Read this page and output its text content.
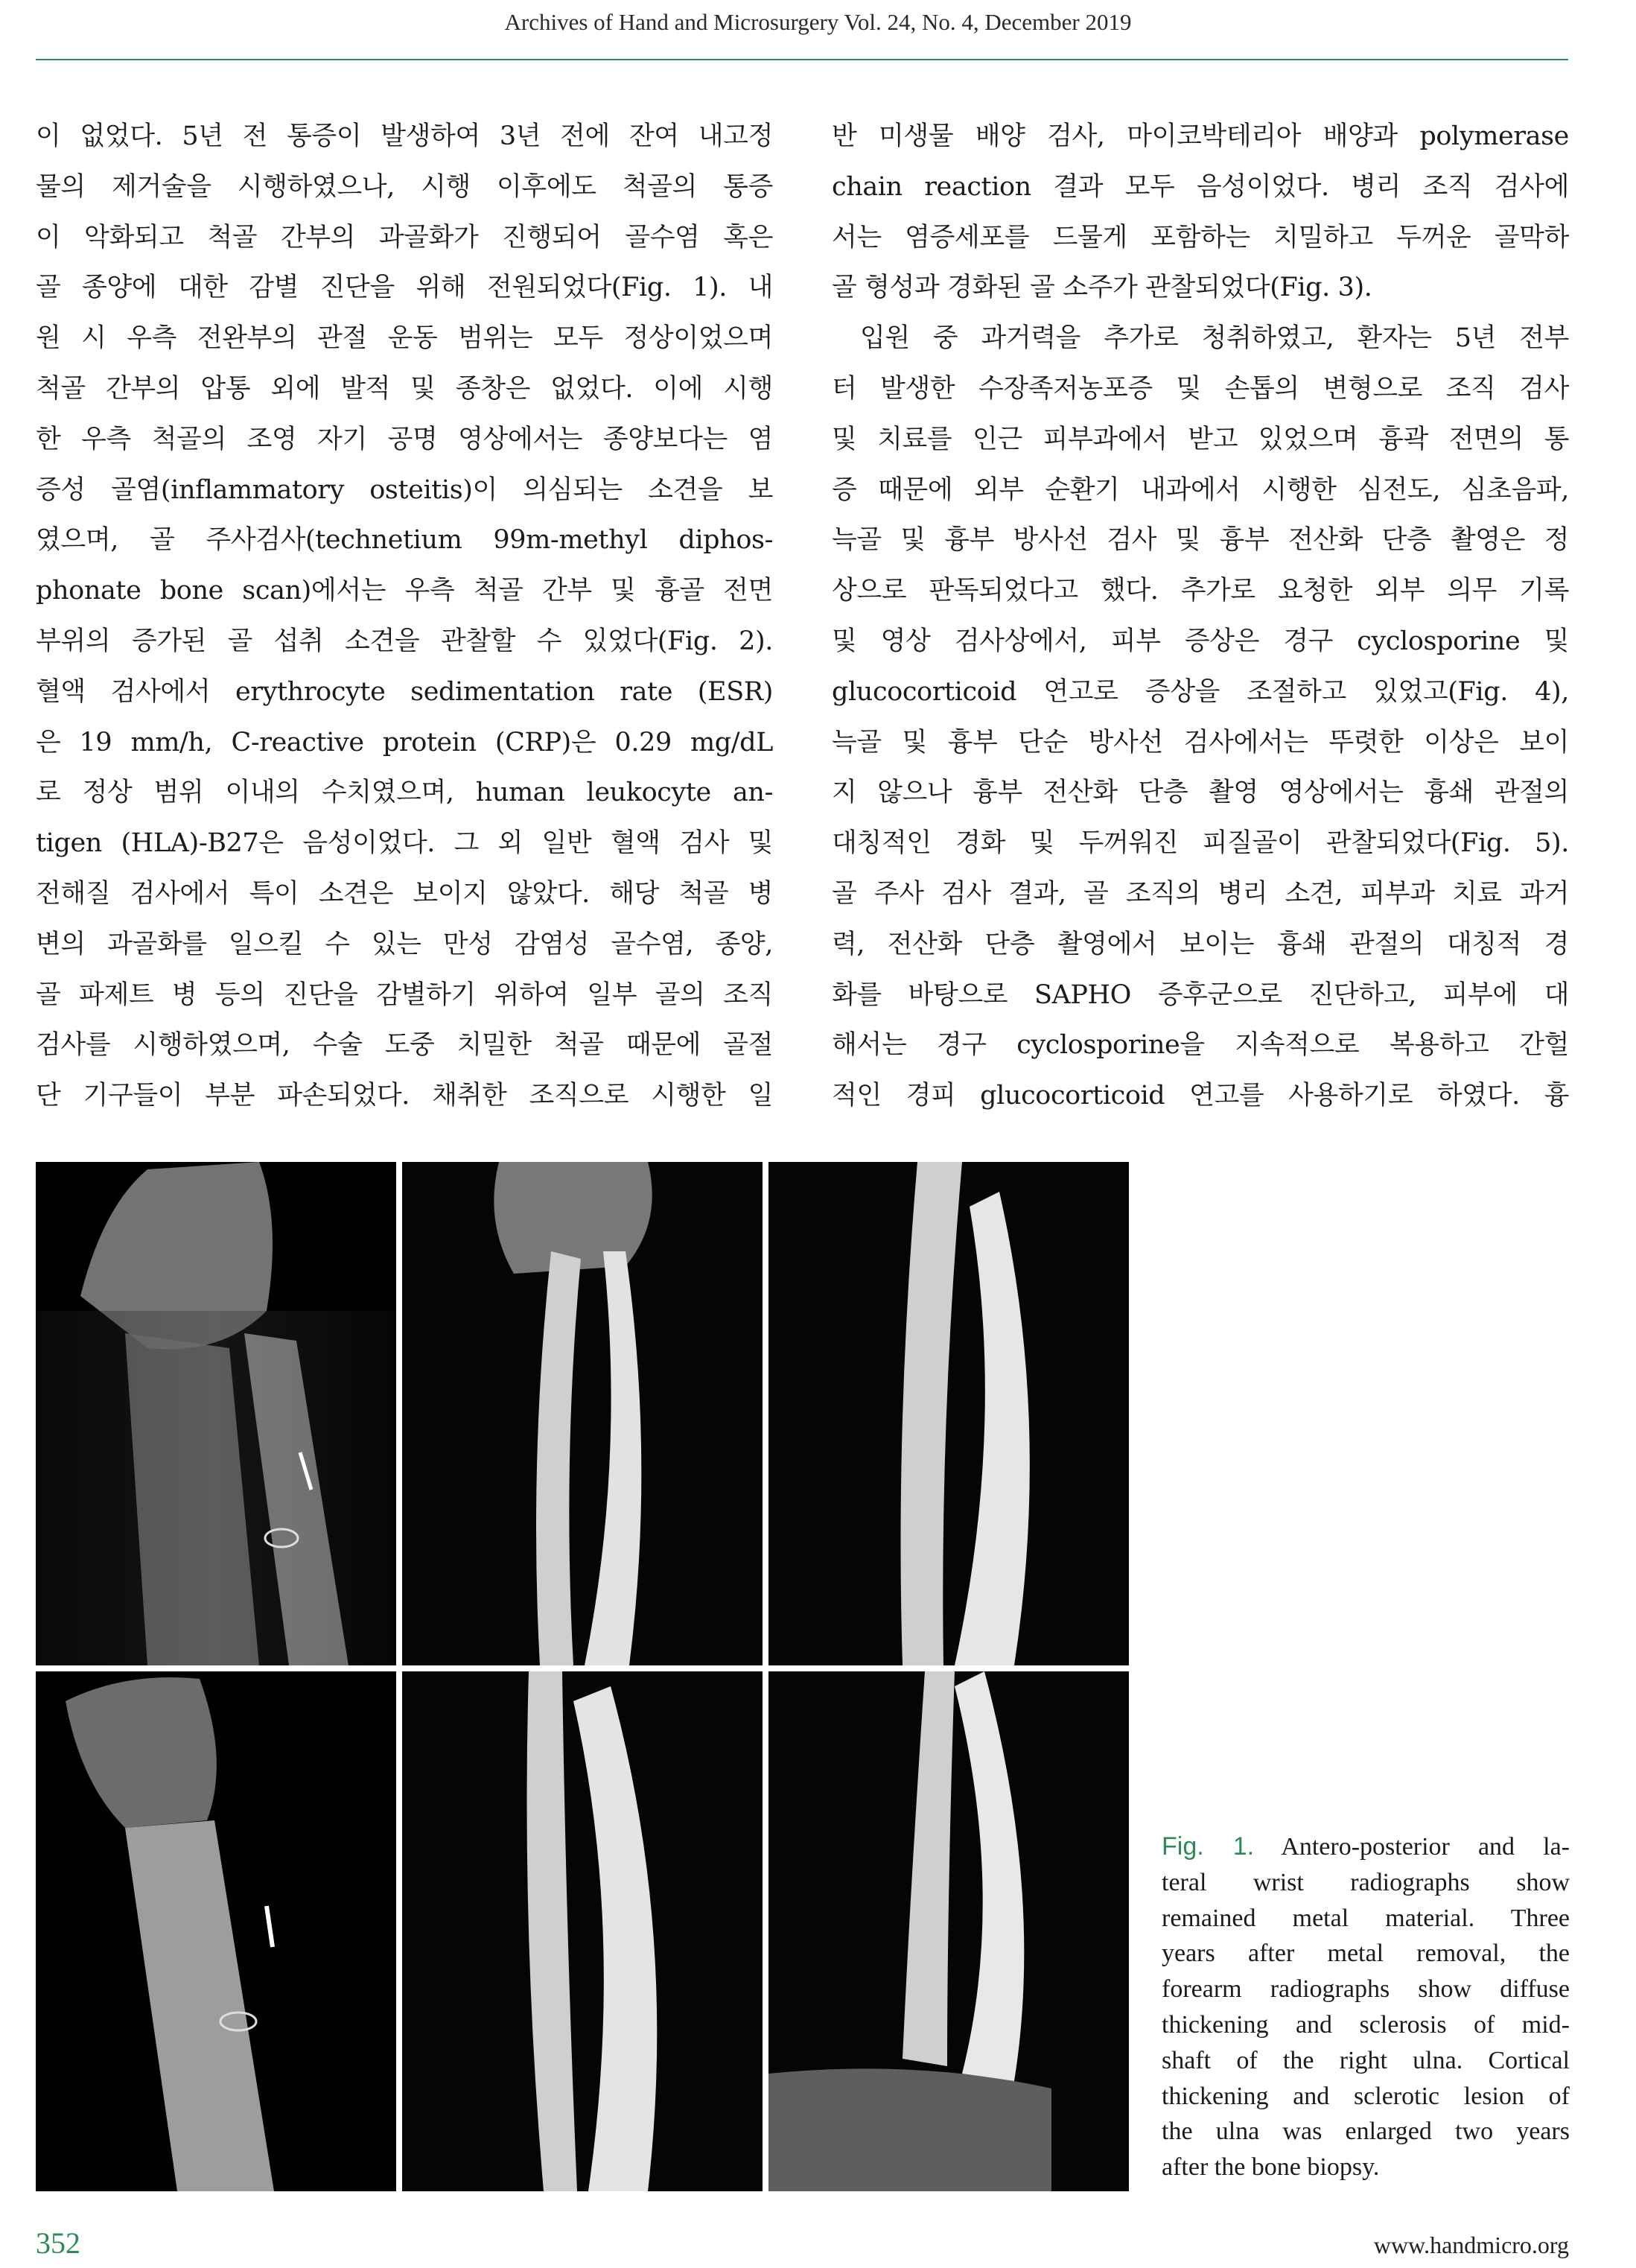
Archives of Hand and Microsurgery Vol. 24, No. 4, December 2019
이 없었다. 5년 전 통증이 발생하여 3년 전에 잔여 내고정
물의 제거술을 시행하였으나, 시행 이후에도 척골의 통증
이 악화되고 척골 간부의 과골화가 진행되어 골수염 혹은
골 종양에 대한 감별 진단을 위해 전원되었다(Fig. 1). 내
원 시 우측 전완부의 관절 운동 범위는 모두 정상이었으며
척골 간부의 압통 외에 발적 및 종창은 없었다. 이에 시행
한 우측 척골의 조영 자기 공명 영상에서는 종양보다는 염
증성 골염(inflammatory osteitis)이 의심되는 소견을 보
였으며, 골 주사검사(technetium 99m-methyl diphos-
phonate bone scan)에서는 우측 척골 간부 및 흉골 전면
부위의 증가된 골 섭취 소견을 관찰할 수 있었다(Fig. 2).
혈액 검사에서 erythrocyte sedimentation rate (ESR)
은 19 mm/h, C-reactive protein (CRP)은 0.29 mg/dL
로 정상 범위 이내의 수치였으며, human leukocyte an-
tigen (HLA)-B27은 음성이었다. 그 외 일반 혈액 검사 및
전해질 검사에서 특이 소견은 보이지 않았다. 해당 척골 병
변의 과골화를 일으킬 수 있는 만성 감염성 골수염, 종양,
골 파제트 병 등의 진단을 감별하기 위하여 일부 골의 조직
검사를 시행하였으며, 수술 도중 치밀한 척골 때문에 골절
단 기구들이 부분 파손되었다. 채취한 조직으로 시행한 일
반 미생물 배양 검사, 마이코박테리아 배양과 polymerase
chain reaction 결과 모두 음성이었다. 병리 조직 검사에
서는 염증세포를 드물게 포함하는 치밀하고 두꺼운 골막하
골 형성과 경화된 골 소주가 관찰되었다(Fig. 3).
입원 중 과거력을 추가로 청취하였고, 환자는 5년 전부
터 발생한 수장족저농포증 및 손톱의 변형으로 조직 검사
및 치료를 인근 피부과에서 받고 있었으며 흉곽 전면의 통
증 때문에 외부 순환기 내과에서 시행한 심전도, 심초음파,
늑골 및 흉부 방사선 검사 및 흉부 전산화 단층 촬영은 정
상으로 판독되었다고 했다. 추가로 요청한 외부 의무 기록
및 영상 검사상에서, 피부 증상은 경구 cyclosporine 및
glucocorticoid 연고로 증상을 조절하고 있었고(Fig. 4),
늑골 및 흉부 단순 방사선 검사에서는 뚜렷한 이상은 보이
지 않으나 흉부 전산화 단층 촬영 영상에서는 흉쇄 관절의
대칭적인 경화 및 두꺼워진 피질골이 관찰되었다(Fig. 5).
골 주사 검사 결과, 골 조직의 병리 소견, 피부과 치료 과거
력, 전산화 단층 촬영에서 보이는 흉쇄 관절의 대칭적 경
화를 바탕으로 SAPHO 증후군으로 진단하고, 피부에 대
해서는 경구 cyclosporine을 지속적으로 복용하고 간헐
적인 경피 glucocorticoid 연고를 사용하기로 하였다. 흉
Fig. 1. Antero-posterior and la-
teral wrist radiographs show
remained metal material. Three
years after metal removal, the
forearm radiographs show diffuse
thickening and sclerosis of mid-
shaft of the right ulna. Cortical
thickening and sclerotic lesion of
the ulna was enlarged two years
after the bone biopsy.
352	www.handmicro.org
